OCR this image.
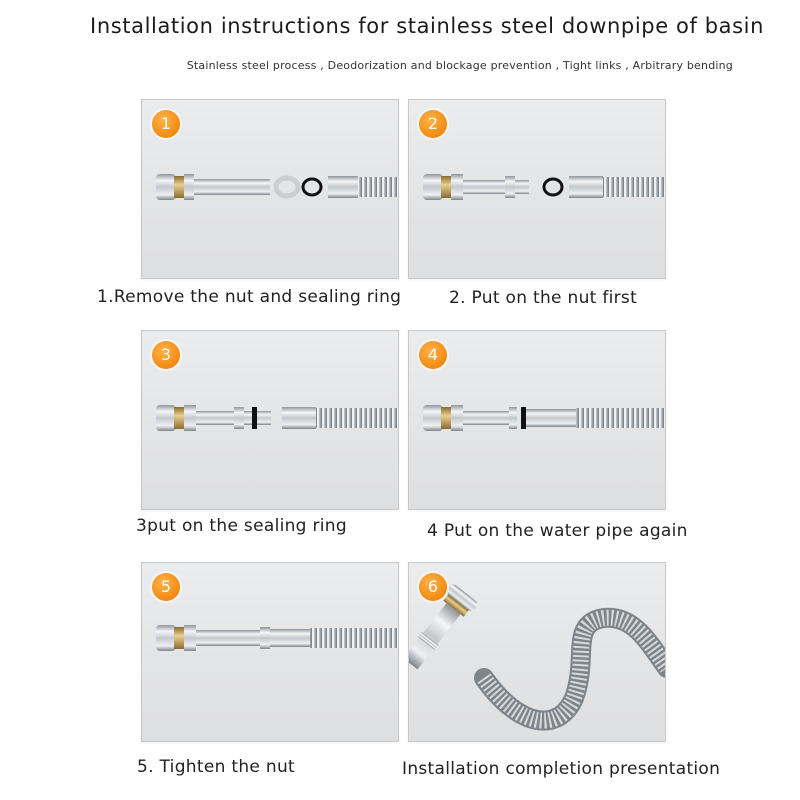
Installation instructions for stainless steel downpipe of basin
Stainless steel process , Deodorization and blockage prevention , Tight links , Arbitrary bending
1
1.Remove the nut and sealing ring
2
2. Put on the nut first
3
3put on the sealing ring
4
4 Put on the water pipe again
5
5. Tighten the nut
6
Installation completion presentation
